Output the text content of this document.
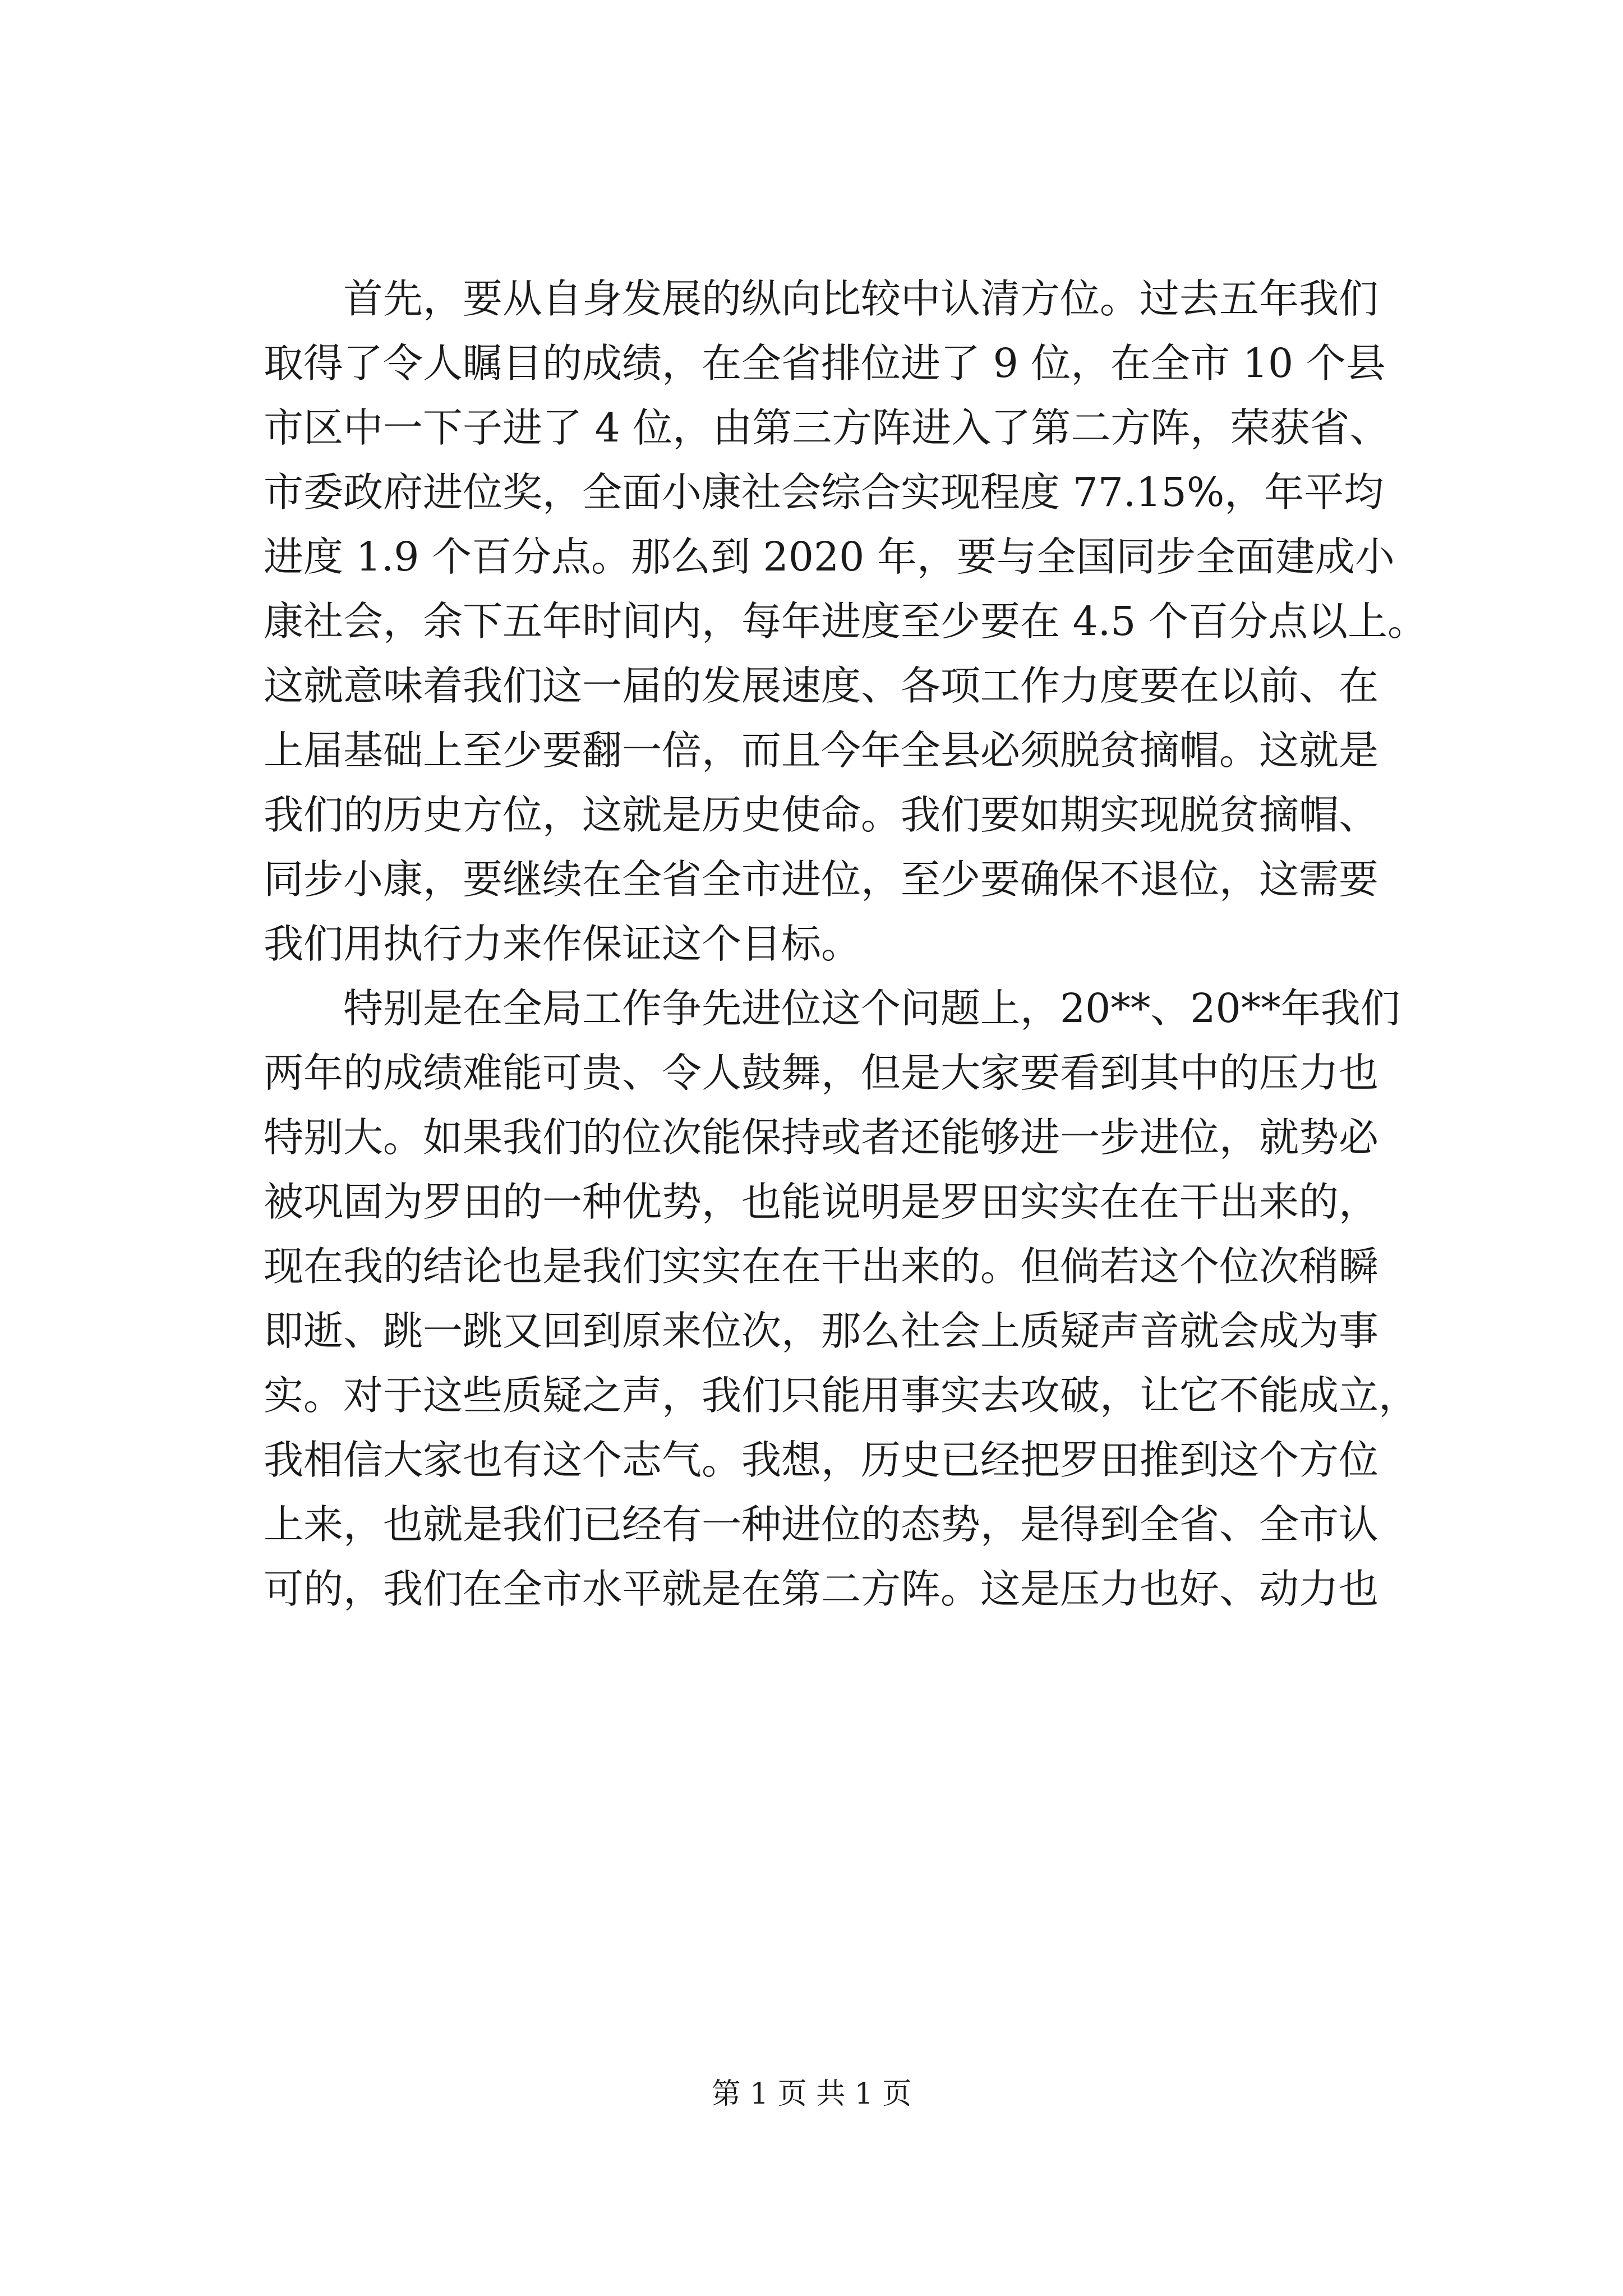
首先，要从自身发展的纵向比较中认清方位。过去五年我们
取得了令人瞩目的成绩，在全省排位进了 9 位，在全市 10 个县
市区中一下子进了 4 位，由第三方阵进入了第二方阵，荣获省、
市委政府进位奖，全面小康社会综合实现程度 77.15%，年平均
进度 1.9 个百分点。那么到 2020 年，要与全国同步全面建成小
康社会，余下五年时间内，每年进度至少要在 4.5 个百分点以上。
这就意味着我们这一届的发展速度、各项工作力度要在以前、在
上届基础上至少要翻一倍，而且今年全县必须脱贫摘帽。这就是
我们的历史方位，这就是历史使命。我们要如期实现脱贫摘帽、
同步小康，要继续在全省全市进位，至少要确保不退位，这需要
我们用执行力来作保证这个目标。
特别是在全局工作争先进位这个问题上，20**、20**年我们
两年的成绩难能可贵、令人鼓舞，但是大家要看到其中的压力也
特别大。如果我们的位次能保持或者还能够进一步进位，就势必
被巩固为罗田的一种优势，也能说明是罗田实实在在干出来的，
现在我的结论也是我们实实在在干出来的。但倘若这个位次稍瞬
即逝、跳一跳又回到原来位次，那么社会上质疑声音就会成为事
实。对于这些质疑之声，我们只能用事实去攻破，让它不能成立，
我相信大家也有这个志气。我想，历史已经把罗田推到这个方位
上来，也就是我们已经有一种进位的态势，是得到全省、全市认
可的，我们在全市水平就是在第二方阵。这是压力也好、动力也
第 1 页 共 1 页
